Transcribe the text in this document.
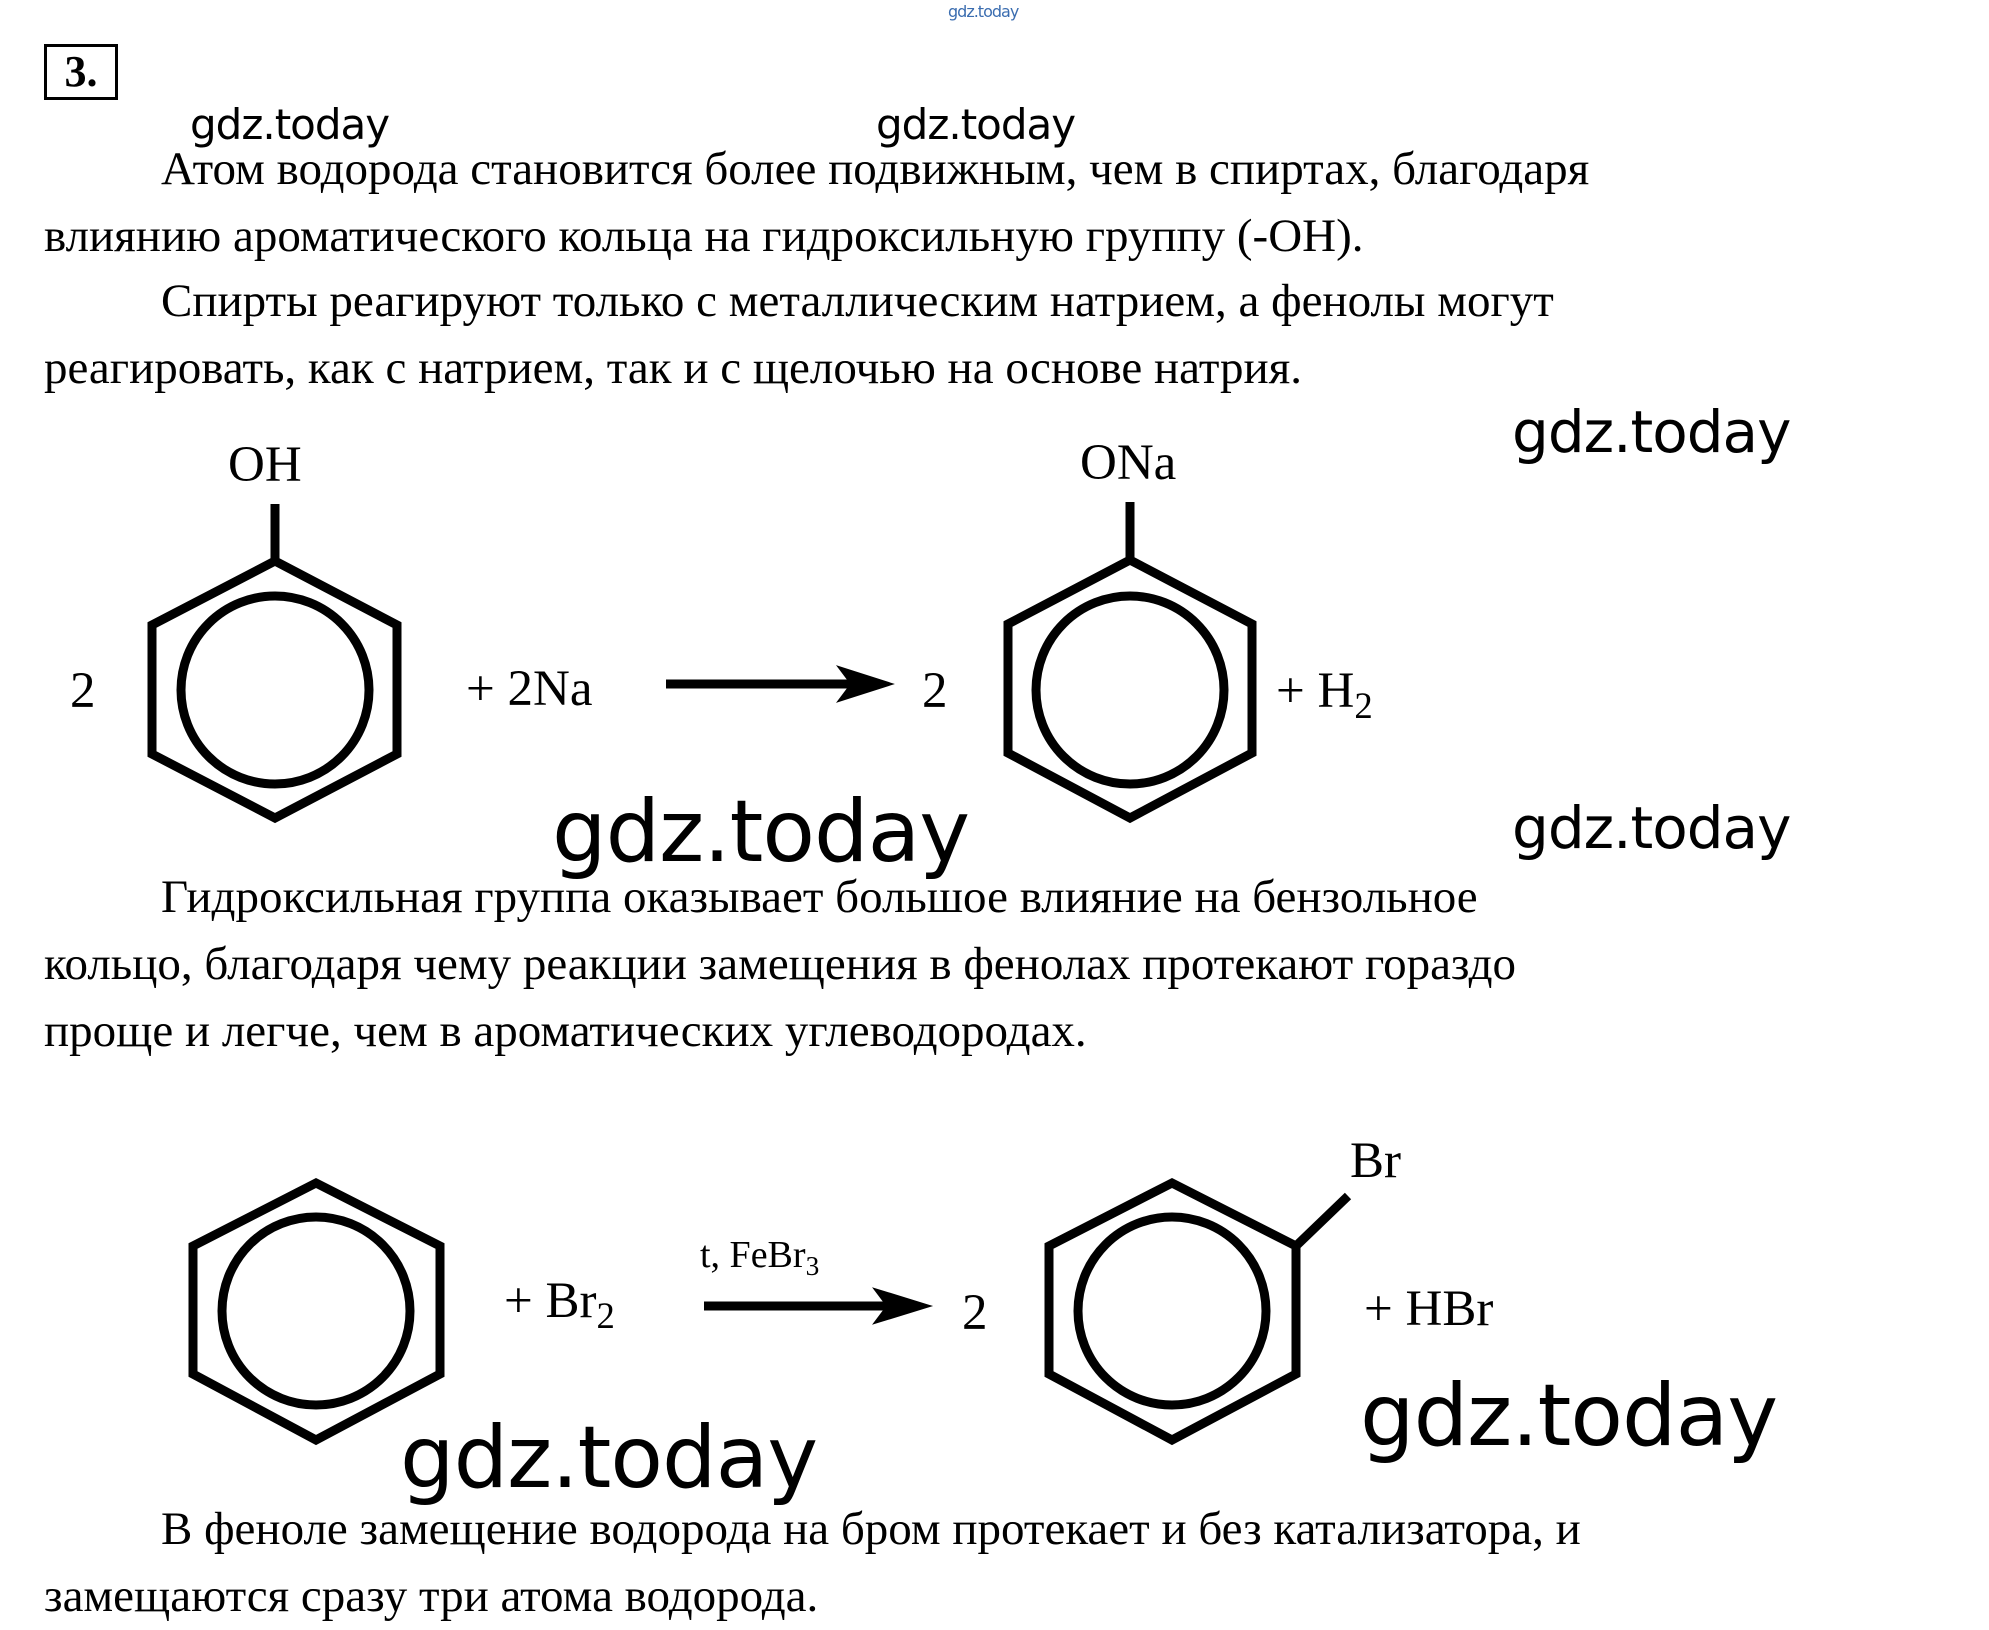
gdz.today
3.
Атом водорода становится более подвижным, чем в спиртах, благодаря
влиянию ароматического кольца на гидроксильную группу (-OH).
Спирты реагируют только с металлическим натрием, а фенолы могут
реагировать, как с натрием, так и с щелочью на основе натрия.
Гидроксильная группа оказывает большое влияние на бензольное
кольцо, благодаря чему реакции замещения в фенолах протекают гораздо
проще и легче, чем в ароматических углеводородах.
В феноле замещение водорода на бром протекает и без катализатора, и
замещаются сразу три атома водорода.
2
OH
+ 2Na	2
ONa
+ $H_2$
+ $Br_2$
t, FeBr$_3$
2
Br
+ HBr
gdz.today	gdz.today
gdz.today
gdz.today	gdz.today
gdz.today
gdz.today
